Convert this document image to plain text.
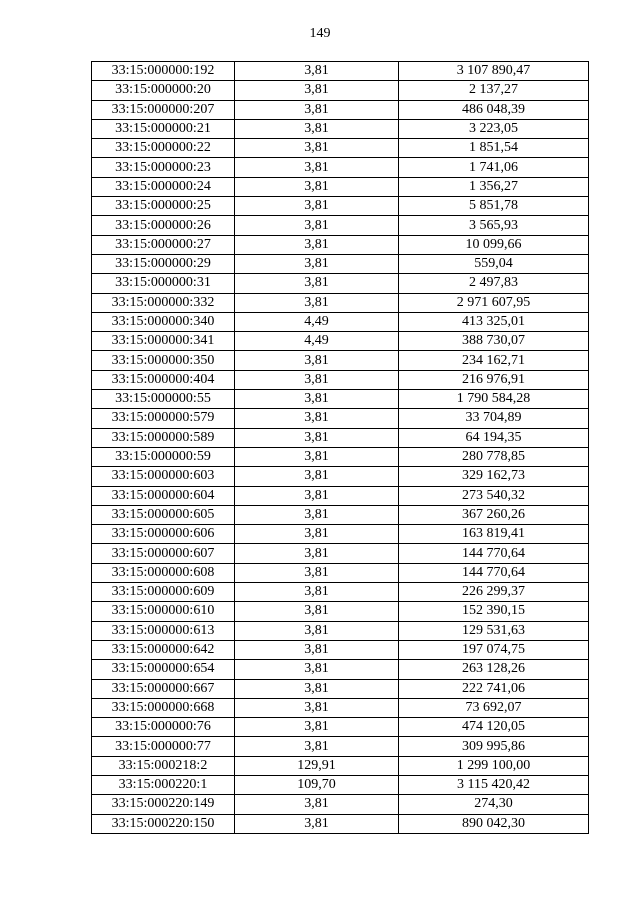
149
33:15:000000:192	3,81	3 107 890,47
33:15:000000:20	3,81	2 137,27
33:15:000000:207	3,81	486 048,39
33:15:000000:21	3,81	3 223,05
33:15:000000:22	3,81	1 851,54
33:15:000000:23	3,81	1 741,06
33:15:000000:24	3,81	1 356,27
33:15:000000:25	3,81	5 851,78
33:15:000000:26	3,81	3 565,93
33:15:000000:27	3,81	10 099,66
33:15:000000:29	3,81	559,04
33:15:000000:31	3,81	2 497,83
33:15:000000:332	3,81	2 971 607,95
33:15:000000:340	4,49	413 325,01
33:15:000000:341	4,49	388 730,07
33:15:000000:350	3,81	234 162,71
33:15:000000:404	3,81	216 976,91
33:15:000000:55	3,81	1 790 584,28
33:15:000000:579	3,81	33 704,89
33:15:000000:589	3,81	64 194,35
33:15:000000:59	3,81	280 778,85
33:15:000000:603	3,81	329 162,73
33:15:000000:604	3,81	273 540,32
33:15:000000:605	3,81	367 260,26
33:15:000000:606	3,81	163 819,41
33:15:000000:607	3,81	144 770,64
33:15:000000:608	3,81	144 770,64
33:15:000000:609	3,81	226 299,37
33:15:000000:610	3,81	152 390,15
33:15:000000:613	3,81	129 531,63
33:15:000000:642	3,81	197 074,75
33:15:000000:654	3,81	263 128,26
33:15:000000:667	3,81	222 741,06
33:15:000000:668	3,81	73 692,07
33:15:000000:76	3,81	474 120,05
33:15:000000:77	3,81	309 995,86
33:15:000218:2	129,91	1 299 100,00
33:15:000220:1	109,70	3 115 420,42
33:15:000220:149	3,81	274,30
33:15:000220:150	3,81	890 042,30
